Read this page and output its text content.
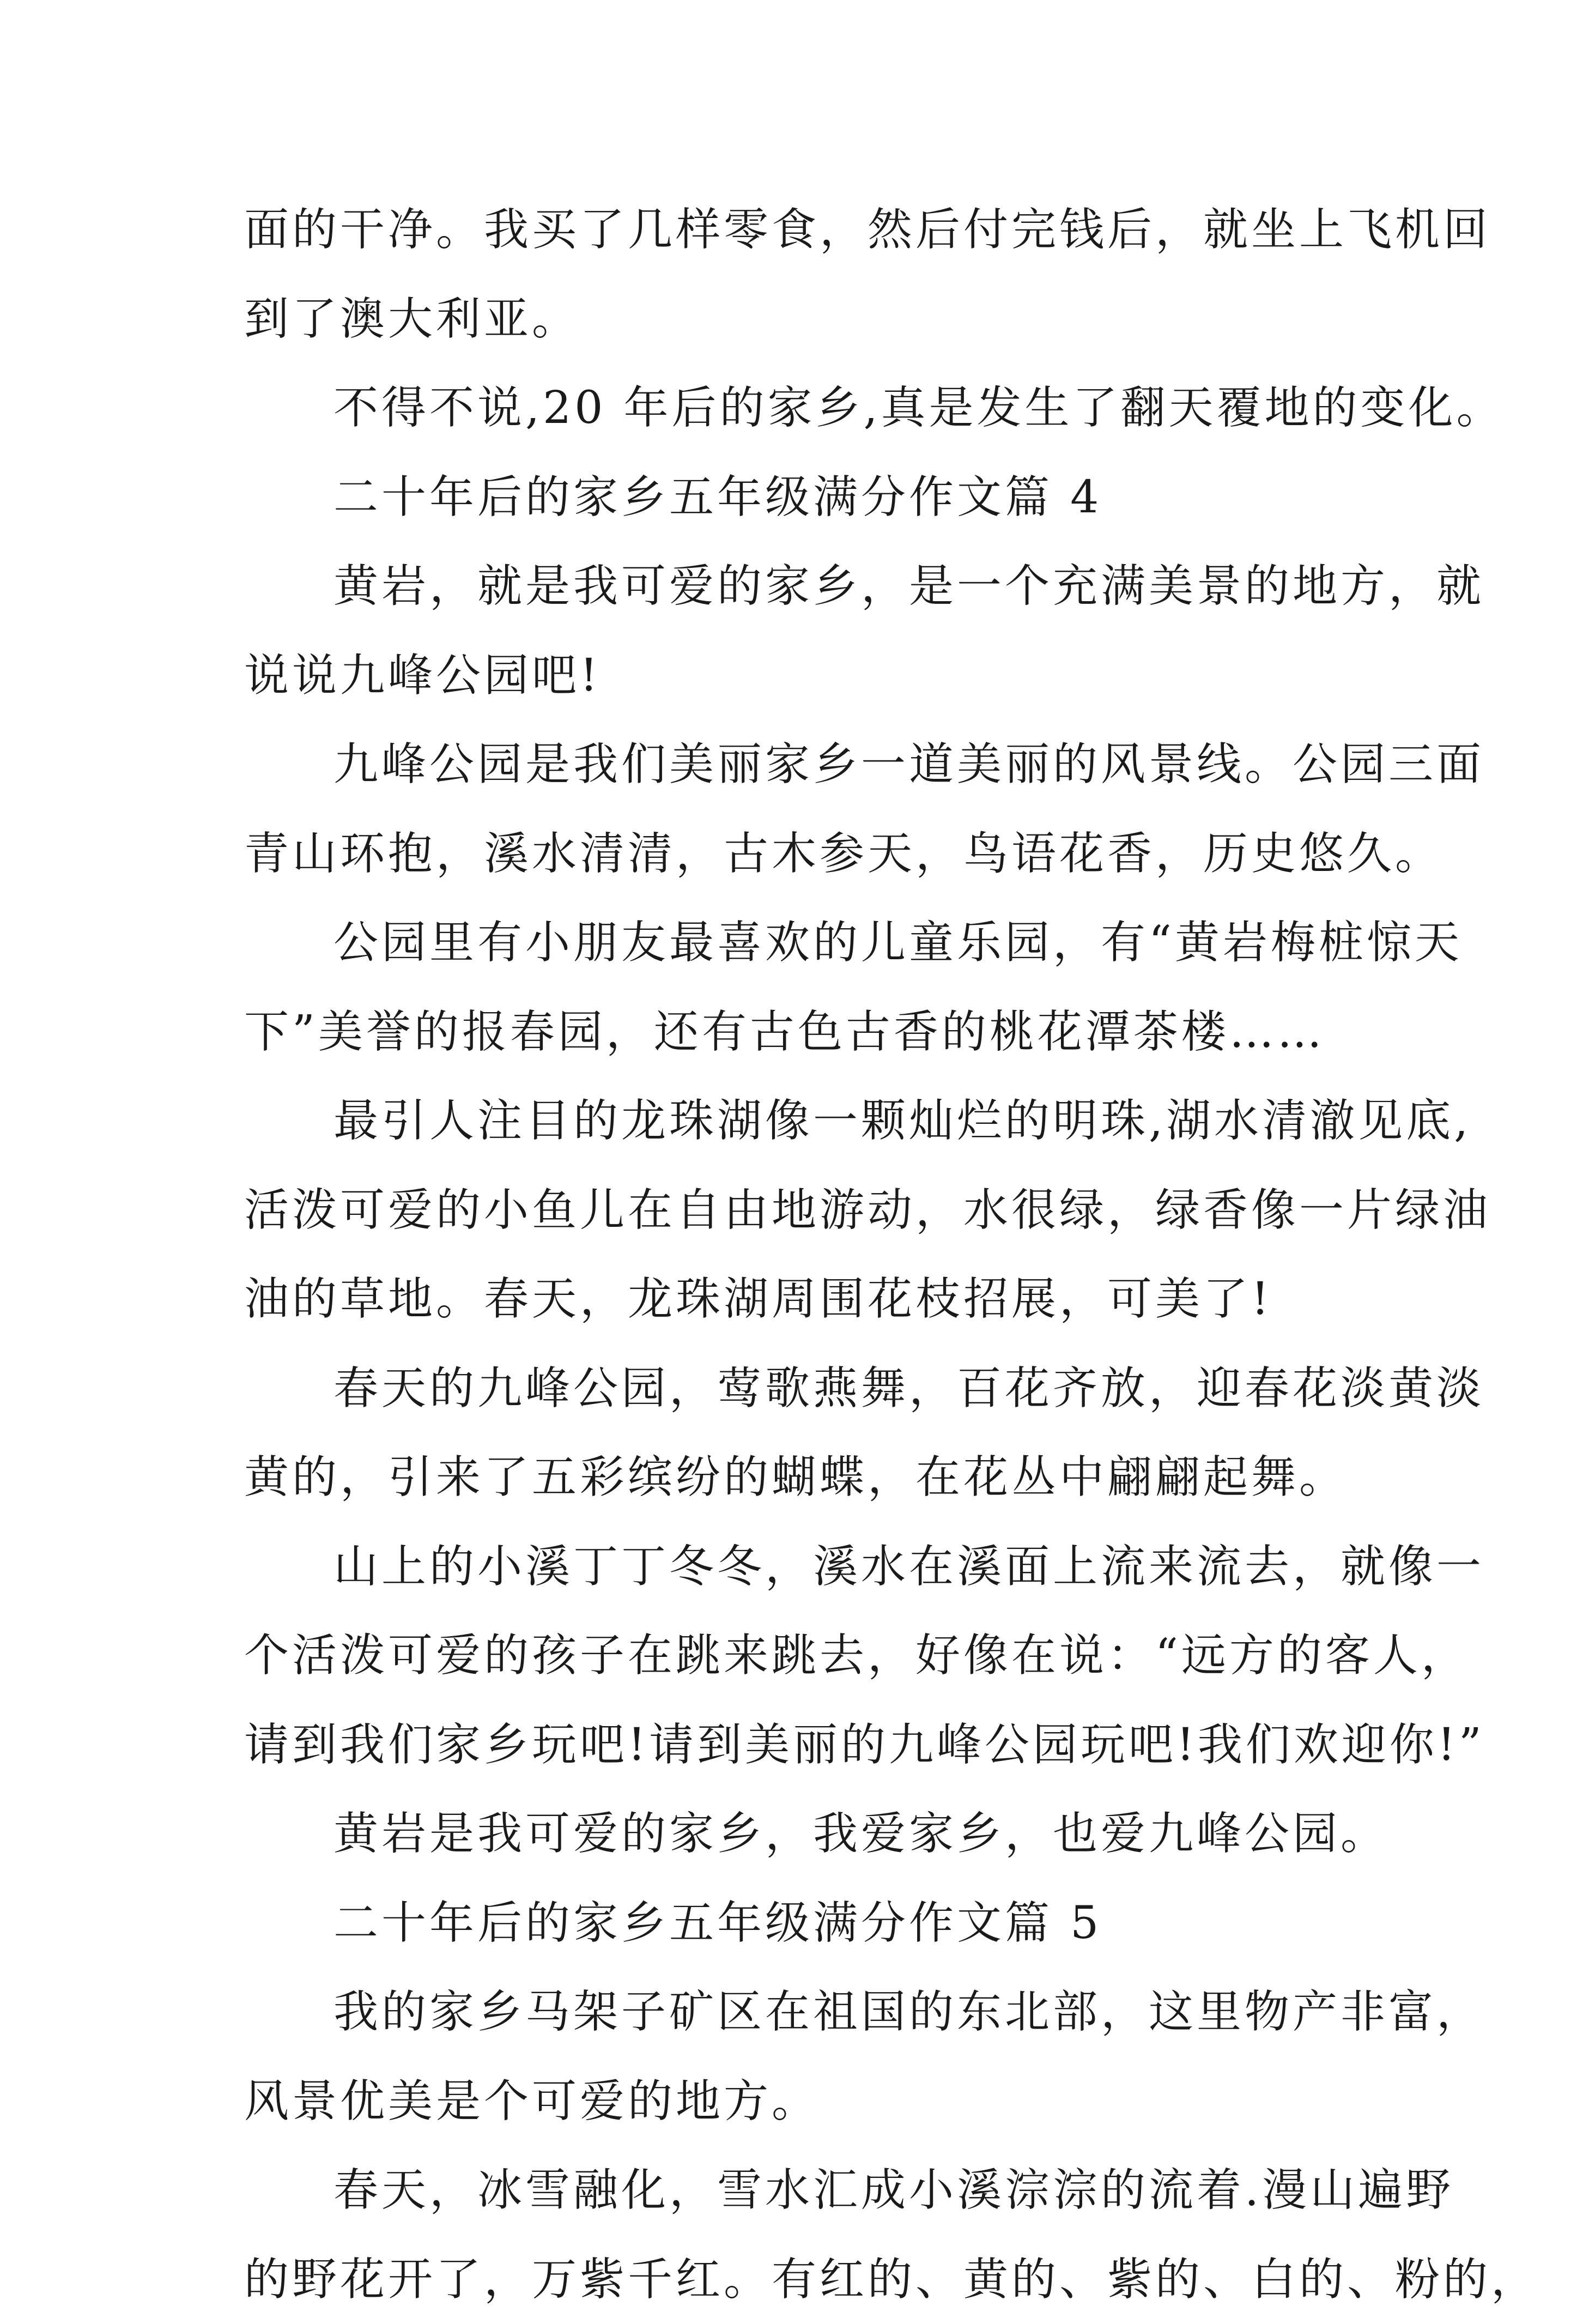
面的干净。我买了几样零食，然后付完钱后，就坐上飞机回
到了澳大利亚。
不得不说,20 年后的家乡,真是发生了翻天覆地的变化。
二十年后的家乡五年级满分作文篇 4
黄岩，就是我可爱的家乡，是一个充满美景的地方，就
说说九峰公园吧!
九峰公园是我们美丽家乡一道美丽的风景线。公园三面
青山环抱，溪水清清，古木参天，鸟语花香，历史悠久。
公园里有小朋友最喜欢的儿童乐园，有“黄岩梅桩惊天
下”美誉的报春园，还有古色古香的桃花潭茶楼……
最引人注目的龙珠湖像一颗灿烂的明珠,湖水清澈见底,
活泼可爱的小鱼儿在自由地游动，水很绿，绿香像一片绿油
油的草地。春天，龙珠湖周围花枝招展，可美了!
春天的九峰公园，莺歌燕舞，百花齐放，迎春花淡黄淡
黄的，引来了五彩缤纷的蝴蝶，在花丛中翩翩起舞。
山上的小溪丁丁冬冬，溪水在溪面上流来流去，就像一
个活泼可爱的孩子在跳来跳去，好像在说：“远方的客人，
请到我们家乡玩吧!请到美丽的九峰公园玩吧!我们欢迎你!”
黄岩是我可爱的家乡，我爱家乡，也爱九峰公园。
二十年后的家乡五年级满分作文篇 5
我的家乡马架子矿区在祖国的东北部，这里物产非富，
风景优美是个可爱的地方。
春天，冰雪融化，雪水汇成小溪淙淙的流着.漫山遍野
的野花开了，万紫千红。有红的、黄的、紫的、白的、粉的，
